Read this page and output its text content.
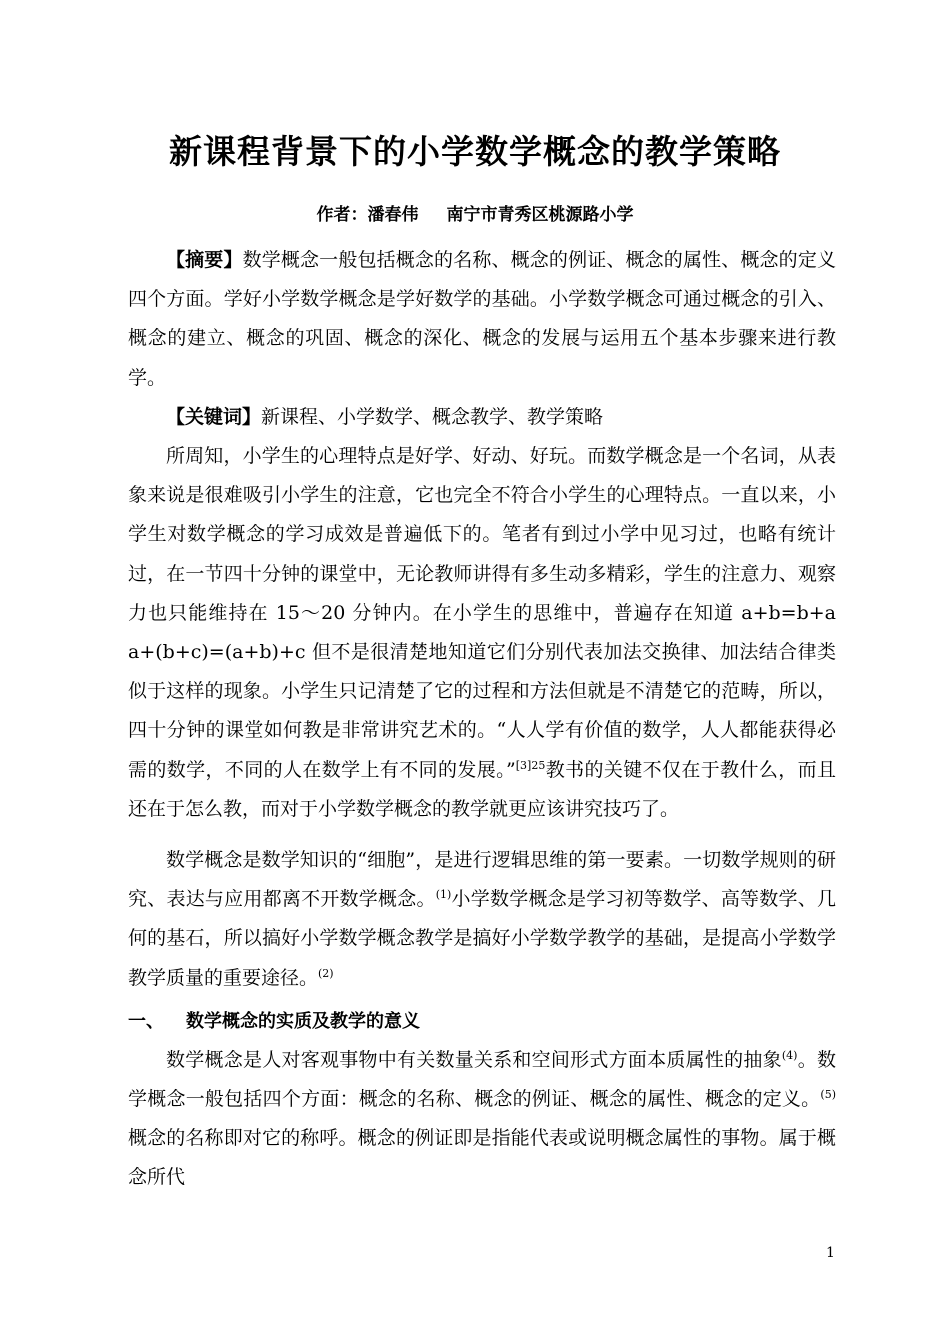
新课程背景下的小学数学概念的教学策略
作者：潘春伟 南宁市青秀区桃源路小学

【摘要】数学概念一般包括概念的名称、概念的例证、概念的属性、概念的定义四个方面。学好小学数学概念是学好数学的基础。小学数学概念可通过概念的引入、概念的建立、概念的巩固、概念的深化、概念的发展与运用五个基本步骤来进行教学。

【关键词】新课程、小学数学、概念教学、教学策略

所周知，小学生的心理特点是好学、好动、好玩。而数学概念是一个名词，从表象来说是很难吸引小学生的注意，它也完全不符合小学生的心理特点。一直以来，小学生对数学概念的学习成效是普遍低下的。笔者有到过小学中见习过，也略有统计过，在一节四十分钟的课堂中，无论教师讲得有多生动多精彩，学生的注意力、观察力也只能维持在 15～20 分钟内。在小学生的思维中，普遍存在知道 a+b=b+a　a+(b+c)=(a+b)+c 但不是很清楚地知道它们分别代表加法交换律、加法结合律类似于这样的现象。小学生只记清楚了它的过程和方法但就是不清楚它的范畴，所以，四十分钟的课堂如何教是非常讲究艺术的。“人人学有价值的数学，人人都能获得必需的数学，不同的人在数学上有不同的发展。”$^{[3]25}$教书的关键不仅在于教什么，而且还在于怎么教，而对于小学数学概念的教学就更应该讲究技巧了。

数学概念是数学知识的“细胞”，是进行逻辑思维的第一要素。一切数学规则的研究、表达与应用都离不开数学概念。$^{(1)}$小学数学概念是学习初等数学、高等数学、几何的基石，所以搞好小学数学概念教学是搞好小学数学教学的基础，是提高小学数学教学质量的重要途径。$^{(2)}$

一、 数学概念的实质及教学的意义

数学概念是人对客观事物中有关数量关系和空间形式方面本质属性的抽象$^{(4)}$。数学概念一般包括四个方面：概念的名称、概念的例证、概念的属性、概念的定义。$^{(5)}$概念的名称即对它的称呼。概念的例证即是指能代表或说明概念属性的事物。属于概念所代

1
